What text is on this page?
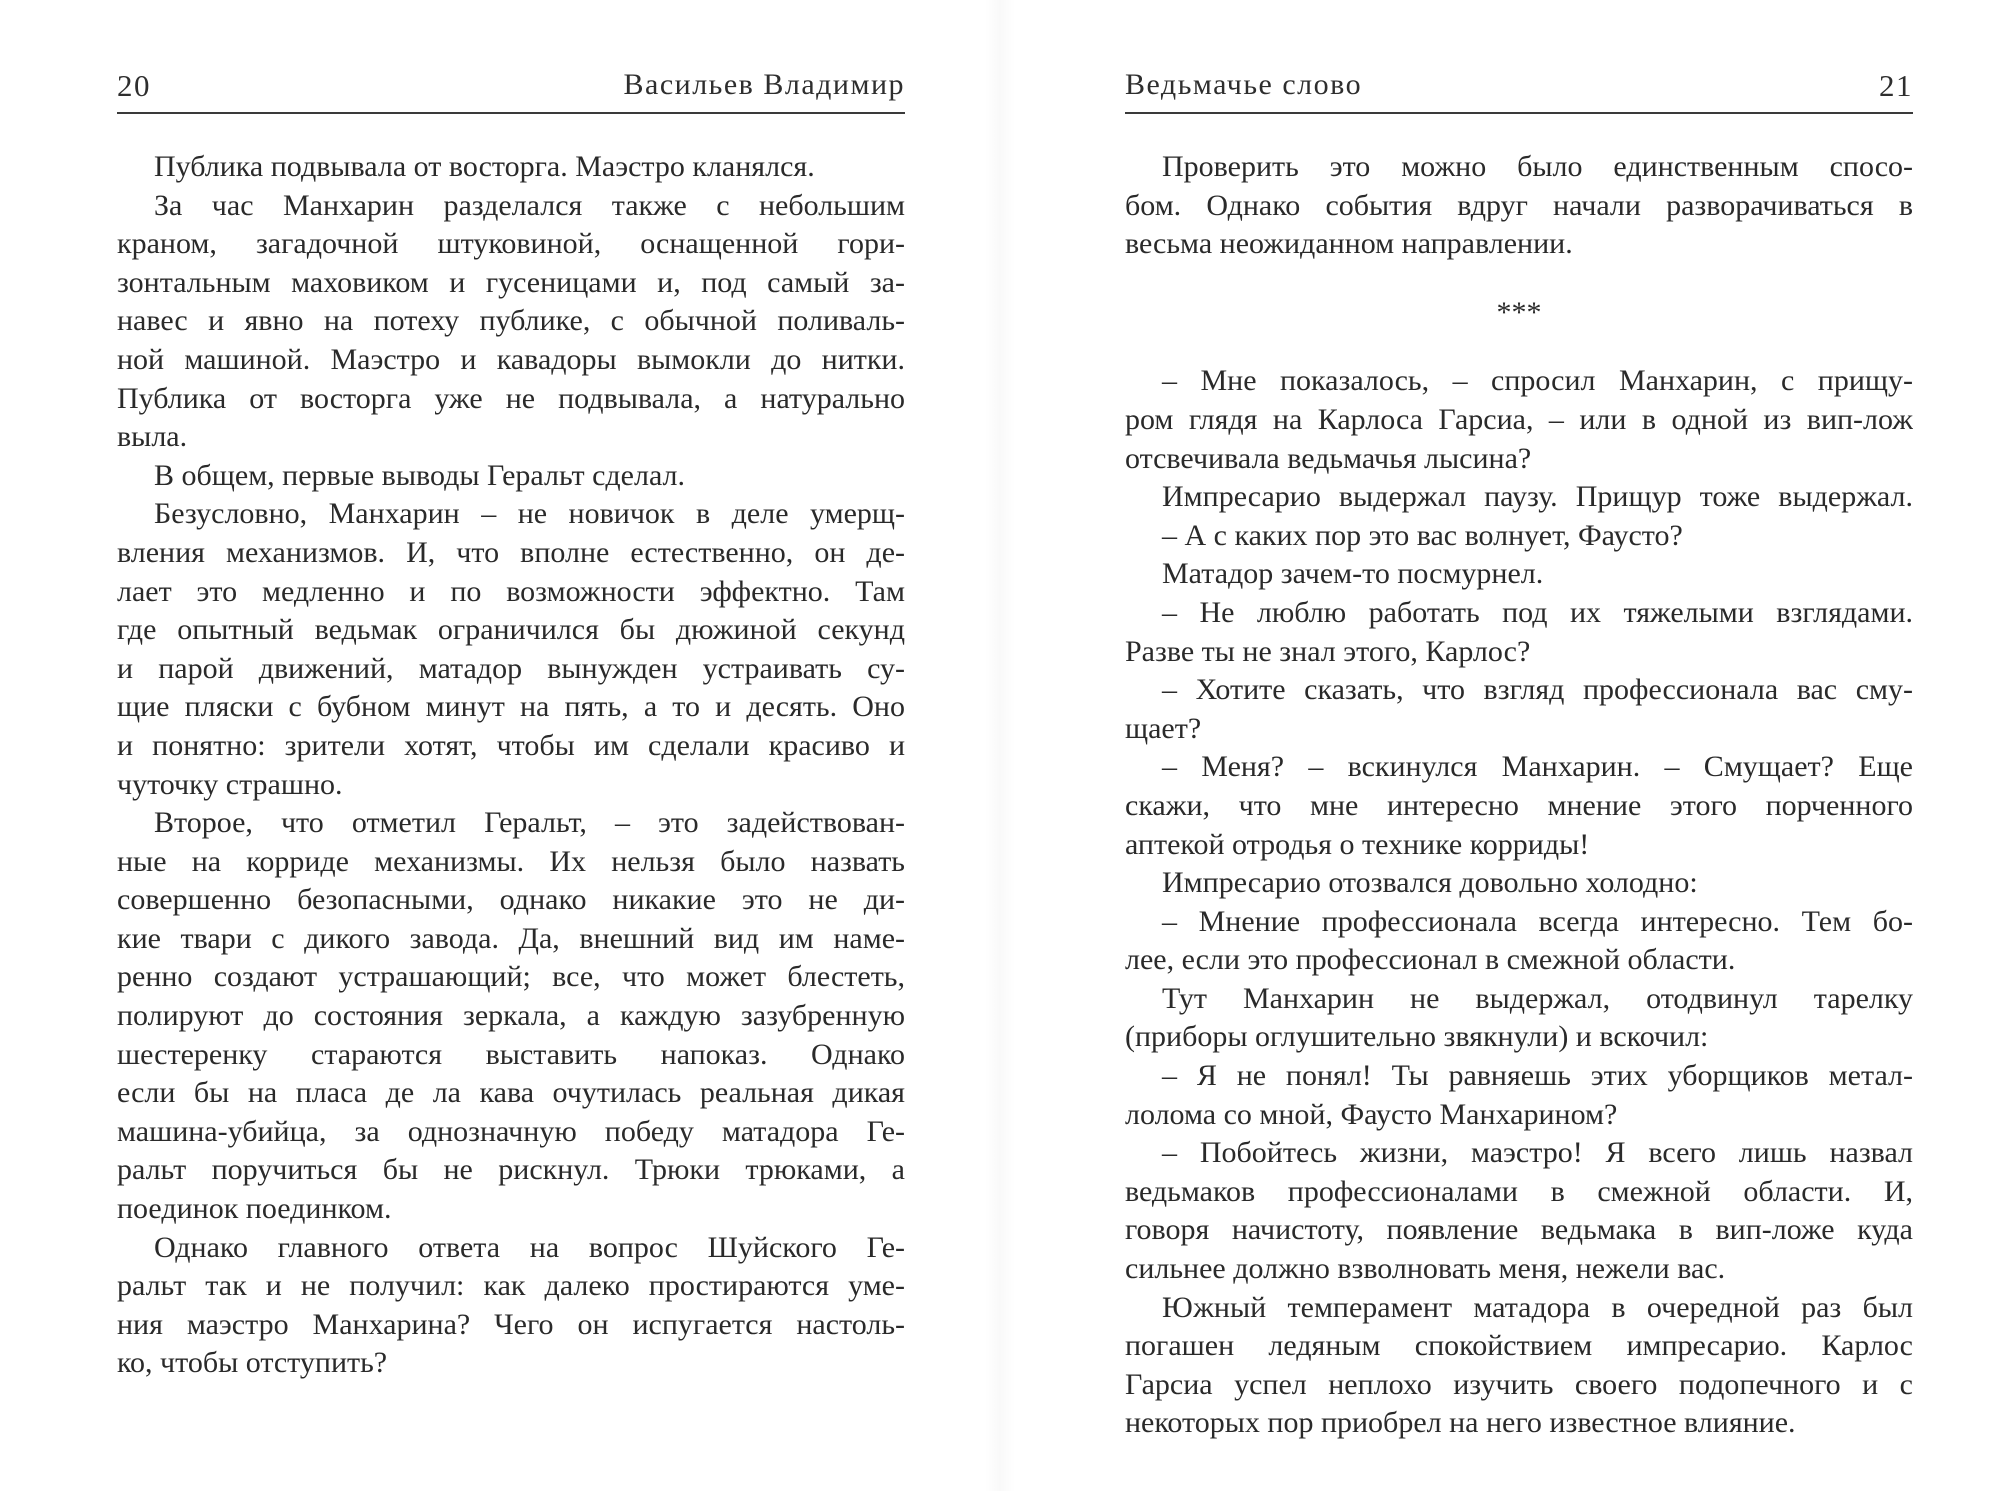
20	Васильев Владимир
Публика подвывала от восторга. Маэстро кланялся.
За час Манхарин разделался также с небольшим
краном, загадочной штуковиной, оснащенной гори-
зонтальным маховиком и гусеницами и, под самый за-
навес и явно на потеху публике, с обычной поливаль-
ной машиной. Маэстро и кавадоры вымокли до нитки.
Публика от восторга уже не подвывала, а натурально
выла.
В общем, первые выводы Геральт сделал.
Безусловно, Манхарин – не новичок в деле умерщ-
вления механизмов. И, что вполне естественно, он де-
лает это медленно и по возможности эффектно. Там
где опытный ведьмак ограничился бы дюжиной секунд
и парой движений, матадор вынужден устраивать су-
щие пляски с бубном минут на пять, а то и десять. Оно
и понятно: зрители хотят, чтобы им сделали красиво и
чуточку страшно.
Второе, что отметил Геральт, – это задействован-
ные на корриде механизмы. Их нельзя было назвать
совершенно безопасными, однако никакие это не ди-
кие твари с дикого завода. Да, внешний вид им наме-
ренно создают устрашающий; все, что может блестеть,
полируют до состояния зеркала, а каждую зазубренную
шестеренку стараются выставить напоказ. Однако
если бы на пласа де ла кава очутилась реальная дикая
машина-убийца, за однозначную победу матадора Ге-
ральт поручиться бы не рискнул. Трюки трюками, а
поединок поединком.
Однако главного ответа на вопрос Шуйского Ге-
ральт так и не получил: как далеко простираются уме-
ния маэстро Манхарина? Чего он испугается настоль-
ко, чтобы отступить?
Ведьмачье слово	21
Проверить это можно было единственным спосо-
бом. Однако события вдруг начали разворачиваться в
весьма неожиданном направлении.
***
– Мне показалось, – спросил Манхарин, с прищу-
ром глядя на Карлоса Гарсиа, – или в одной из вип-лож
отсвечивала ведьмачья лысина?
Импресарио выдержал паузу. Прищур тоже выдержал.
– А с каких пор это вас волнует, Фаусто?
Матадор зачем-то посмурнел.
– Не люблю работать под их тяжелыми взглядами.
Разве ты не знал этого, Карлос?
– Хотите сказать, что взгляд профессионала вас смy-
щает?
– Меня? – вскинулся Манхарин. – Смущает? Еще
скажи, что мне интересно мнение этого порченного
аптекой отродья о технике корриды!
Импресарио отозвался довольно холодно:
– Мнение профессионала всегда интересно. Тем бо-
лее, если это профессионал в смежной области.
Тут Манхарин не выдержал, отодвинул тарелку
(приборы оглушительно звякнули) и вскочил:
– Я не понял! Ты равняешь этих уборщиков метал-
лолома со мной, Фаусто Манхарином?
– Побойтесь жизни, маэстро! Я всего лишь назвал
ведьмаков профессионалами в смежной области. И,
говоря начистоту, появление ведьмака в вип-ложе куда
сильнее должно взволновать меня, нежели вас.
Южный темперамент матадора в очередной раз был
погашен ледяным спокойствием импресарио. Карлос
Гарсиа успел неплохо изучить своего подопечного и с
некоторых пор приобрел на него известное влияние.
